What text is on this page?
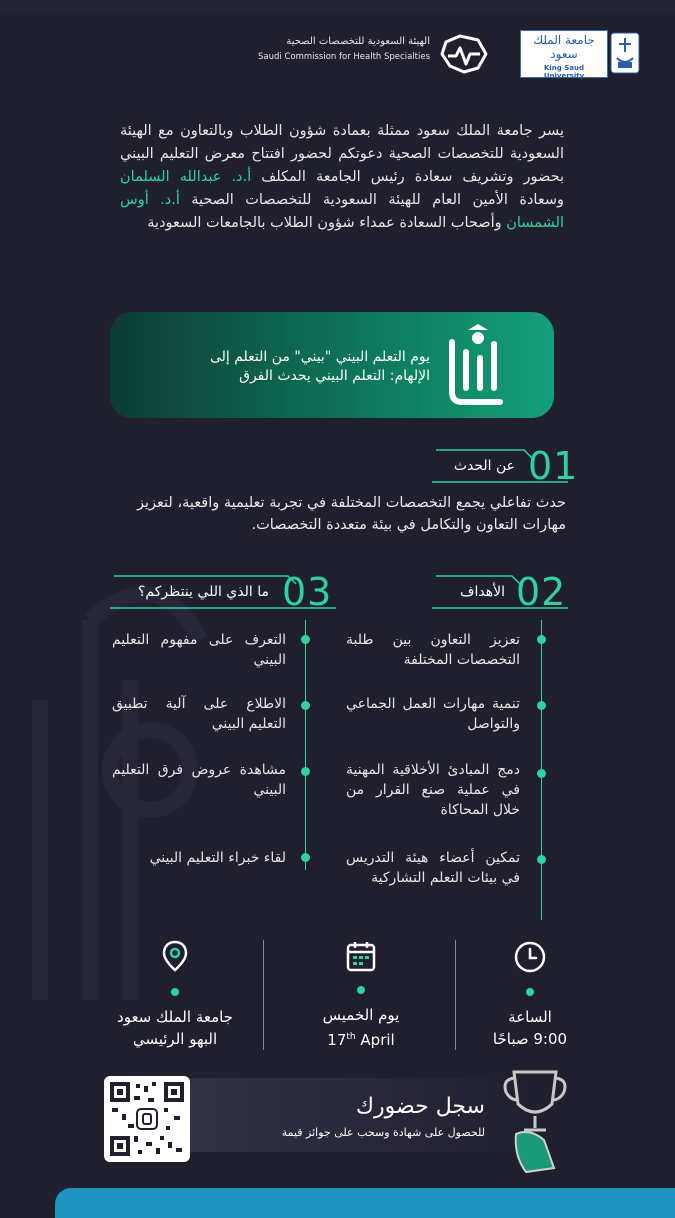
جامعة الملك سعود
King Saud University
الهيئة السعودية للتخصصات الصحية
Saudi Commission for Health Specialties
يسر جامعة الملك سعود ممثلة بعمادة شؤون الطلاب وبالتعاون مع الهيئة السعودية للتخصصات الصحية دعوتكم لحضور افتتاح معرض التعليم البيني بحضور وتشريف سعادة رئيس الجامعة المكلف أ.د. عبدالله السلمان وسعادة الأمين العام للهيئة السعودية للتخصصات الصحية أ.د. أوس الشمسان وأصحاب السعادة عمداء شؤون الطلاب بالجامعات السعودية
يوم التعلم البيني "بيني" من التعلم إلى
الإلهام: التعلم البيني يحدث الفرق
01
عن الحدث
حدث تفاعلي يجمع التخصصات المختلفة في تجربة تعليمية واقعية، لتعزيز مهارات التعاون والتكامل في بيئة متعددة التخصصات.
02
الأهداف
تعزيز التعاون بين طلبة التخصصات المختلفة
تنمية مهارات العمل الجماعي والتواصل
دمج المبادئ الأخلاقية المهنية في عملية صنع القرار من خلال المحاكاة
تمكين أعضاء هيئة التدريس في بيئات التعلم التشاركية
03
ما الذي اللي ينتظركم؟
التعرف على مفهوم التعليم البيني
الاطلاع على آلية تطبيق التعليم البيني
مشاهدة عروض فرق التعليم البيني
لقاء خبراء التعليم البيني
الساعة
9:00 صباحًا
يوم الخميس
17th April
جامعة الملك سعود
البهو الرئيسي
سجل حضورك
للحصول على شهادة وسحب على جوائز قيمة
